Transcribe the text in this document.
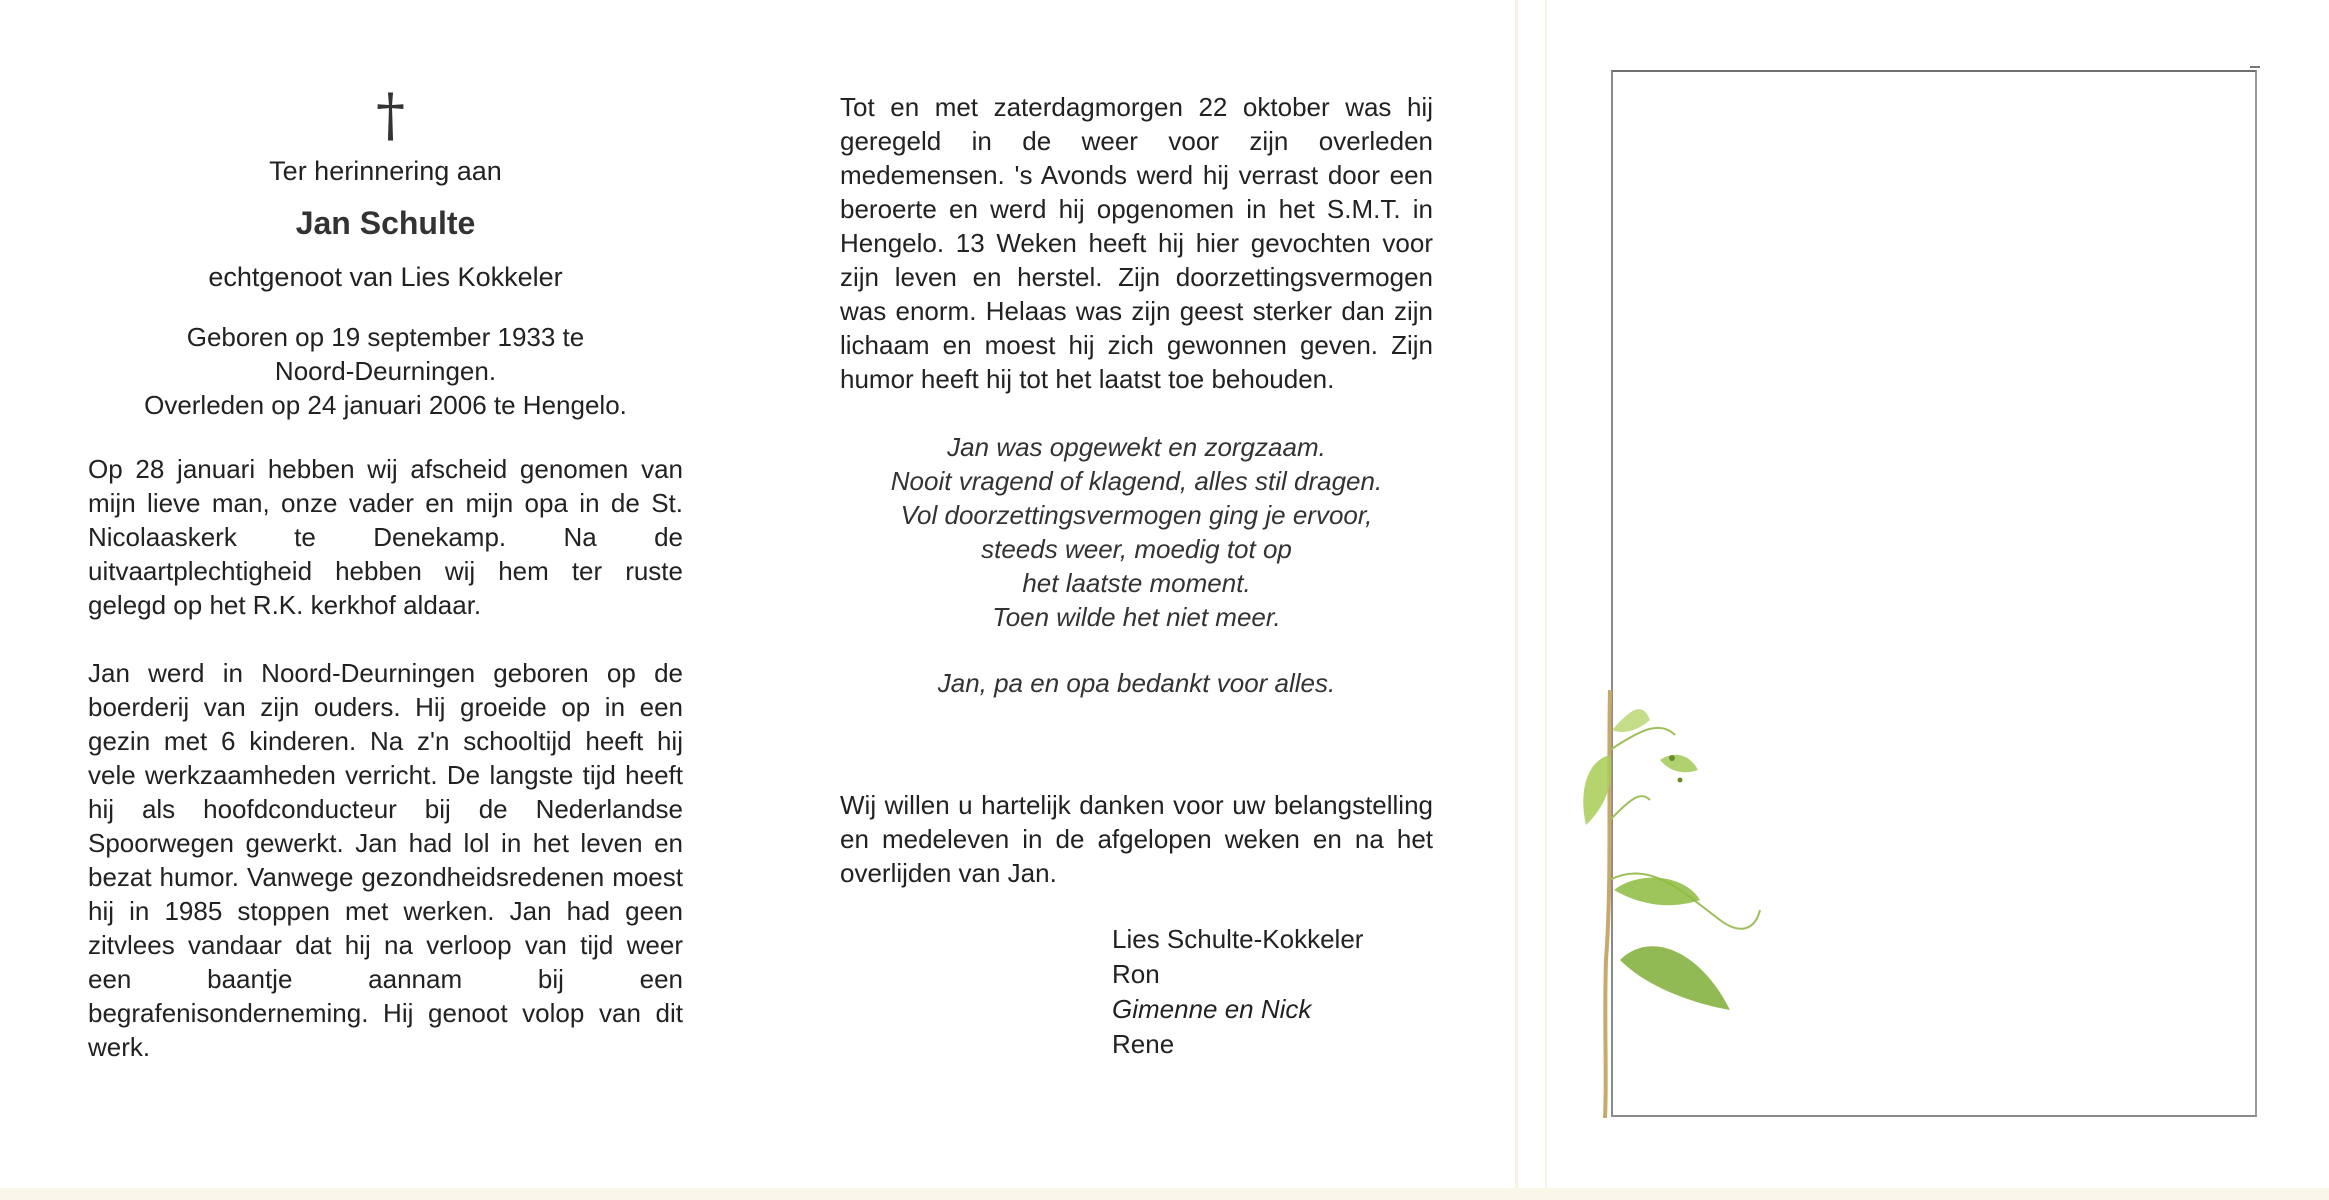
†
Ter herinnering aan
Jan Schulte
echtgenoot van Lies Kokkeler
Geboren op 19 september 1933 te
Noord-Deurningen.
Overleden op 24 januari 2006 te Hengelo.

Op 28 januari hebben wij afscheid genomen van mijn lieve man, onze vader en mijn opa in de St. Nicolaaskerk te Denekamp. Na de uitvaartplechtigheid hebben wij hem ter ruste gelegd op het R.K. kerkhof aldaar.

Jan werd in Noord-Deurningen geboren op de boerderij van zijn ouders. Hij groeide op in een gezin met 6 kinderen. Na z'n schooltijd heeft hij vele werkzaamheden verricht. De langste tijd heeft hij als hoofdconducteur bij de Nederlandse Spoorwegen gewerkt. Jan had lol in het leven en bezat humor. Vanwege gezondheidsredenen moest hij in 1985 stoppen met werken. Jan had geen zitvlees vandaar dat hij na verloop van tijd weer een baantje aannam bij een begrafenisonderneming. Hij genoot volop van dit werk.

Tot en met zaterdagmorgen 22 oktober was hij geregeld in de weer voor zijn overleden medemensen. 's Avonds werd hij verrast door een beroerte en werd hij opgenomen in het S.M.T. in Hengelo. 13 Weken heeft hij hier gevochten voor zijn leven en herstel. Zijn doorzettingsvermogen was enorm. Helaas was zijn geest sterker dan zijn lichaam en moest hij zich gewonnen geven. Zijn humor heeft hij tot het laatst toe behouden.

Jan was opgewekt en zorgzaam.
Nooit vragend of klagend, alles stil dragen.
Vol doorzettingsvermogen ging je ervoor,
steeds weer, moedig tot op
het laatste moment.
Toen wilde het niet meer.
Jan, pa en opa bedankt voor alles.

Wij willen u hartelijk danken voor uw belangstelling en medeleven in de afgelopen weken en na het overlijden van Jan.

Lies Schulte-Kokkeler
Ron
Gimenne en Nick
Rene
